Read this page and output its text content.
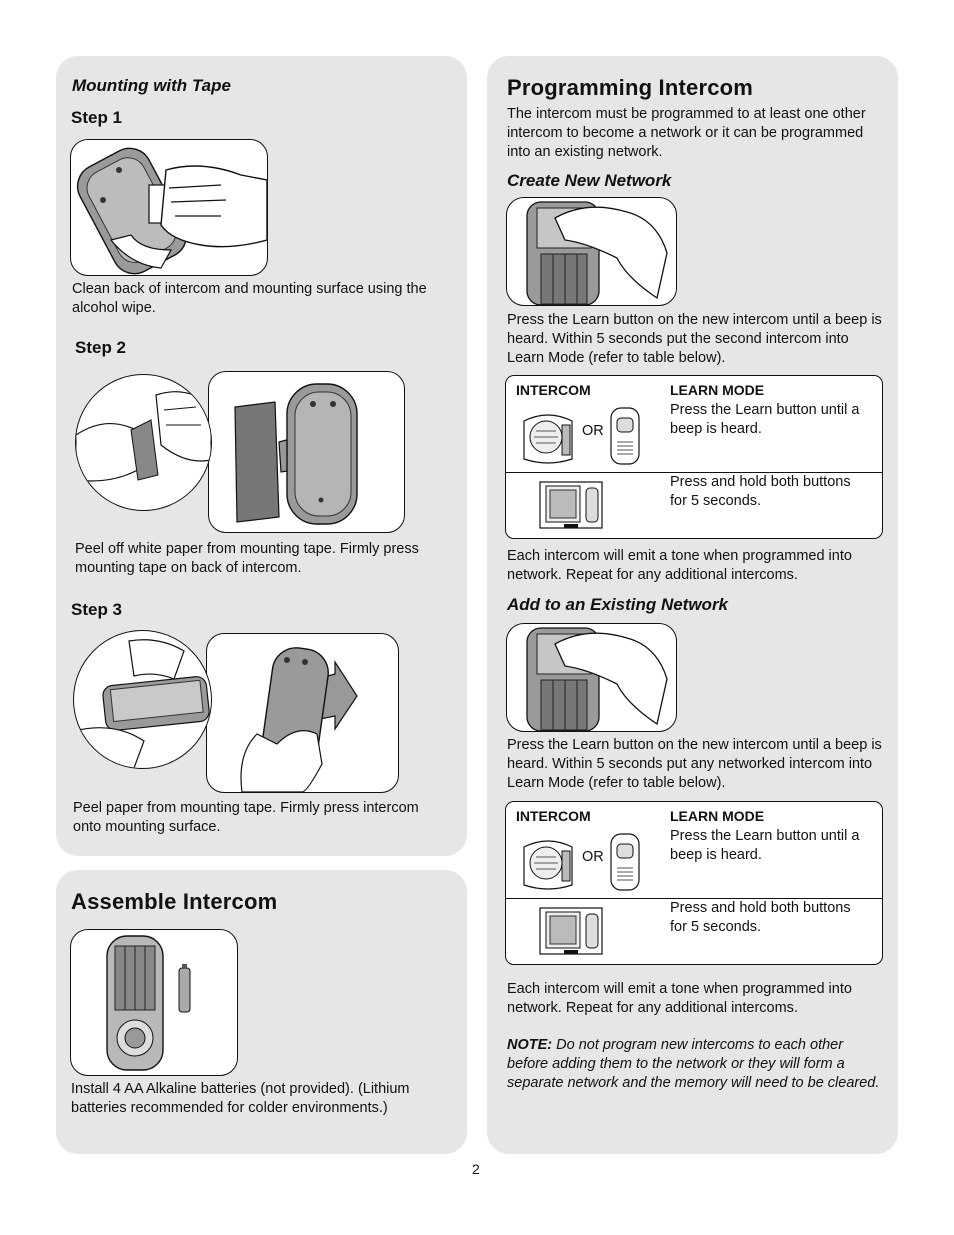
Mounting with Tape
Step 1
Clean back of intercom and mounting surface using the alcohol wipe.
Step 2
Peel off white paper from mounting tape. Firmly press mounting tape on back of intercom.
Step 3
Peel paper from mounting tape. Firmly press intercom onto mounting surface.
Assemble Intercom
Install 4 AA Alkaline batteries (not provided). (Lithium batteries recommended for colder environments.)
Programming Intercom
The intercom must be programmed to at least one other intercom to become a network or it can be programmed into an existing network.
Create New Network
Press the Learn button on the new intercom until a beep is heard. Within 5 seconds put the second intercom into Learn Mode (refer to table below).
INTERCOM	LEARN MODE
OR
Press the Learn button until a beep is heard.
Press and hold both buttons for 5 seconds.
Each intercom will emit a tone when programmed into network. Repeat for any additional intercoms.
Add to an Existing Network
Press the Learn button on the new intercom until a beep is heard. Within 5 seconds put any networked intercom into Learn Mode (refer to table below).
INTERCOM	LEARN MODE
OR
Press the Learn button until a beep is heard.
Press and hold both buttons for 5 seconds.
Each intercom will emit a tone when programmed into network. Repeat for any additional intercoms.
NOTE: Do not program new intercoms to each other before adding them to the network or they will form a separate network and the memory will need to be cleared.
2
